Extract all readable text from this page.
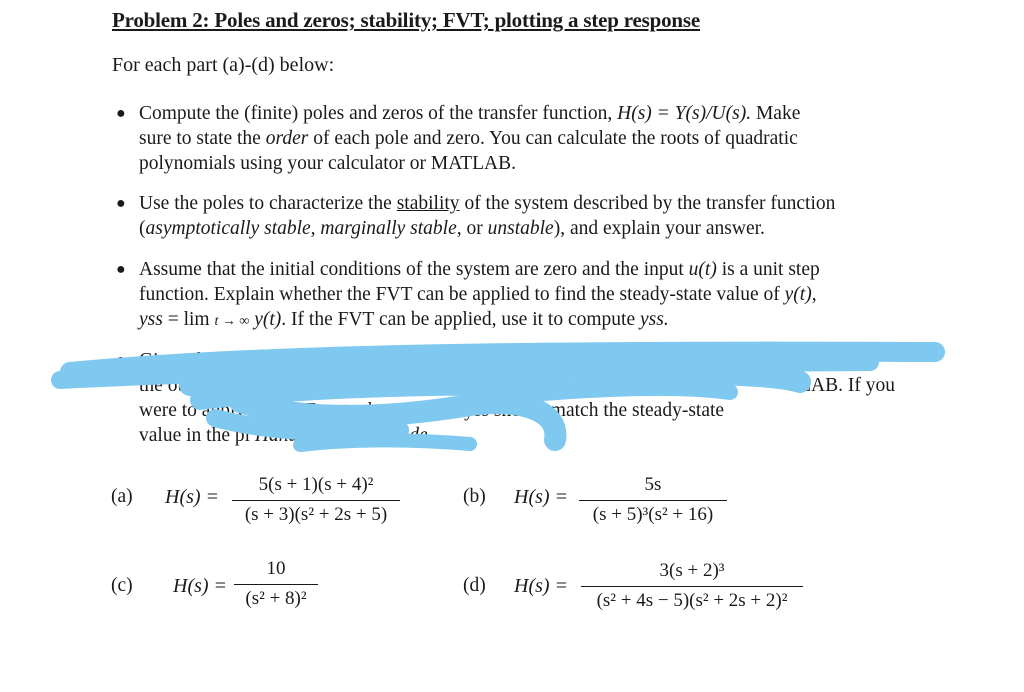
Problem 2: Poles and zeros; stability; FVT; plotting a step response
For each part (a)-(d) below:
● Compute the (finite) poles and zeros of the transfer function, H(s) = Y(s)/U(s). Make
sure to state the order of each pole and zero. You can calculate the roots of quadratic
polynomials using your calculator or MATLAB.
● Use the poles to characterize the stability of the system described by the transfer function
(asymptotically stable, marginally stable, or unstable), and explain your answer.
● Assume that the initial conditions of the system are zero and the input u(t) is a unit step
function. Explain whether the FVT can be applied to find the steady-state value of y(t),
yss = lim t → ∞ y(t). If the FVT can be applied, use it to compute yss.
● Given that the initial con ions are zero the input u(t) is a unit step tion, plot
the ou	TLAB. If you
were to apply the FVT, note th computed yss should match the steady-state
value in the pl Hand in ot and y code.
(a) H(s) =
5(s + 1)(s + 4)²
(s + 3)(s² + 2s + 5)
(b) H(s) =
5s
(s + 5)³(s² + 16)
(c) H(s) =
10
(s² + 8)²
(d) H(s) =
3(s + 2)³
(s² + 4s − 5)(s² + 2s + 2)²
